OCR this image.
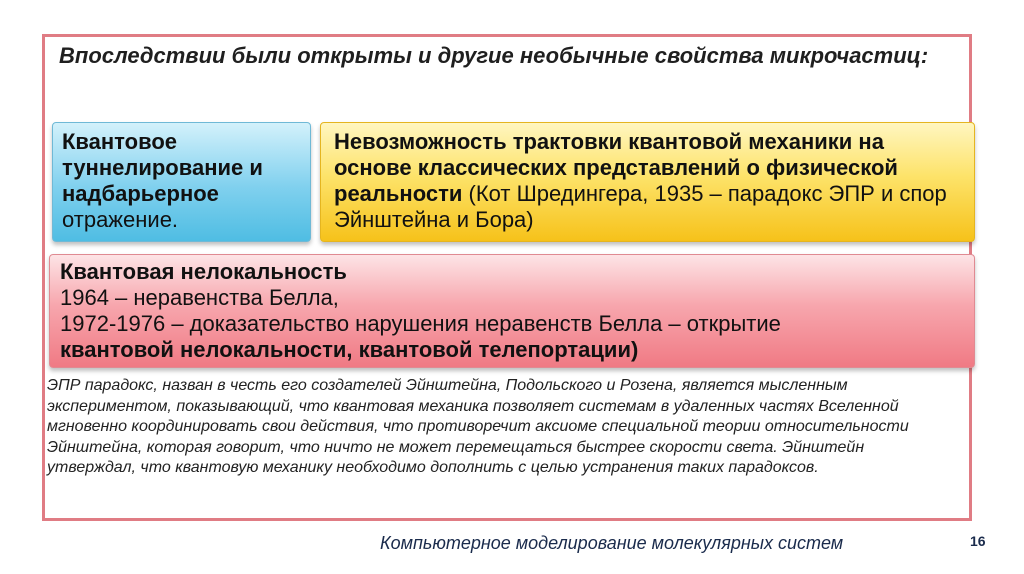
Впоследствии были открыты и другие необычные свойства микрочастиц:
Квантовое туннелирование и надбарьерное отражение.
Невозможность трактовки квантовой механики на основе классических представлений о физической реальности (Кот Шредингера, 1935 – парадокс ЭПР и спор Эйнштейна и Бора)
Квантовая нелокальность
1964 – неравенства Белла,
1972-1976 – доказательство нарушения неравенств Белла – открытие
квантовой нелокальности, квантовой телепортации)
ЭПР парадокс, назван в честь его создателей Эйнштейна, Подольского и Розена, является мысленным экспериментом, показывающий, что квантовая механика позволяет системам в удаленных частях Вселенной мгновенно координировать свои действия, что противоречит аксиоме специальной теории относительности Эйнштейна, которая говорит, что ничто не может перемещаться быстрее скорости света. Эйнштейн утверждал, что квантовую механику необходимо дополнить с целью устранения таких парадоксов.
Компьютерное моделирование молекулярных систем	16
